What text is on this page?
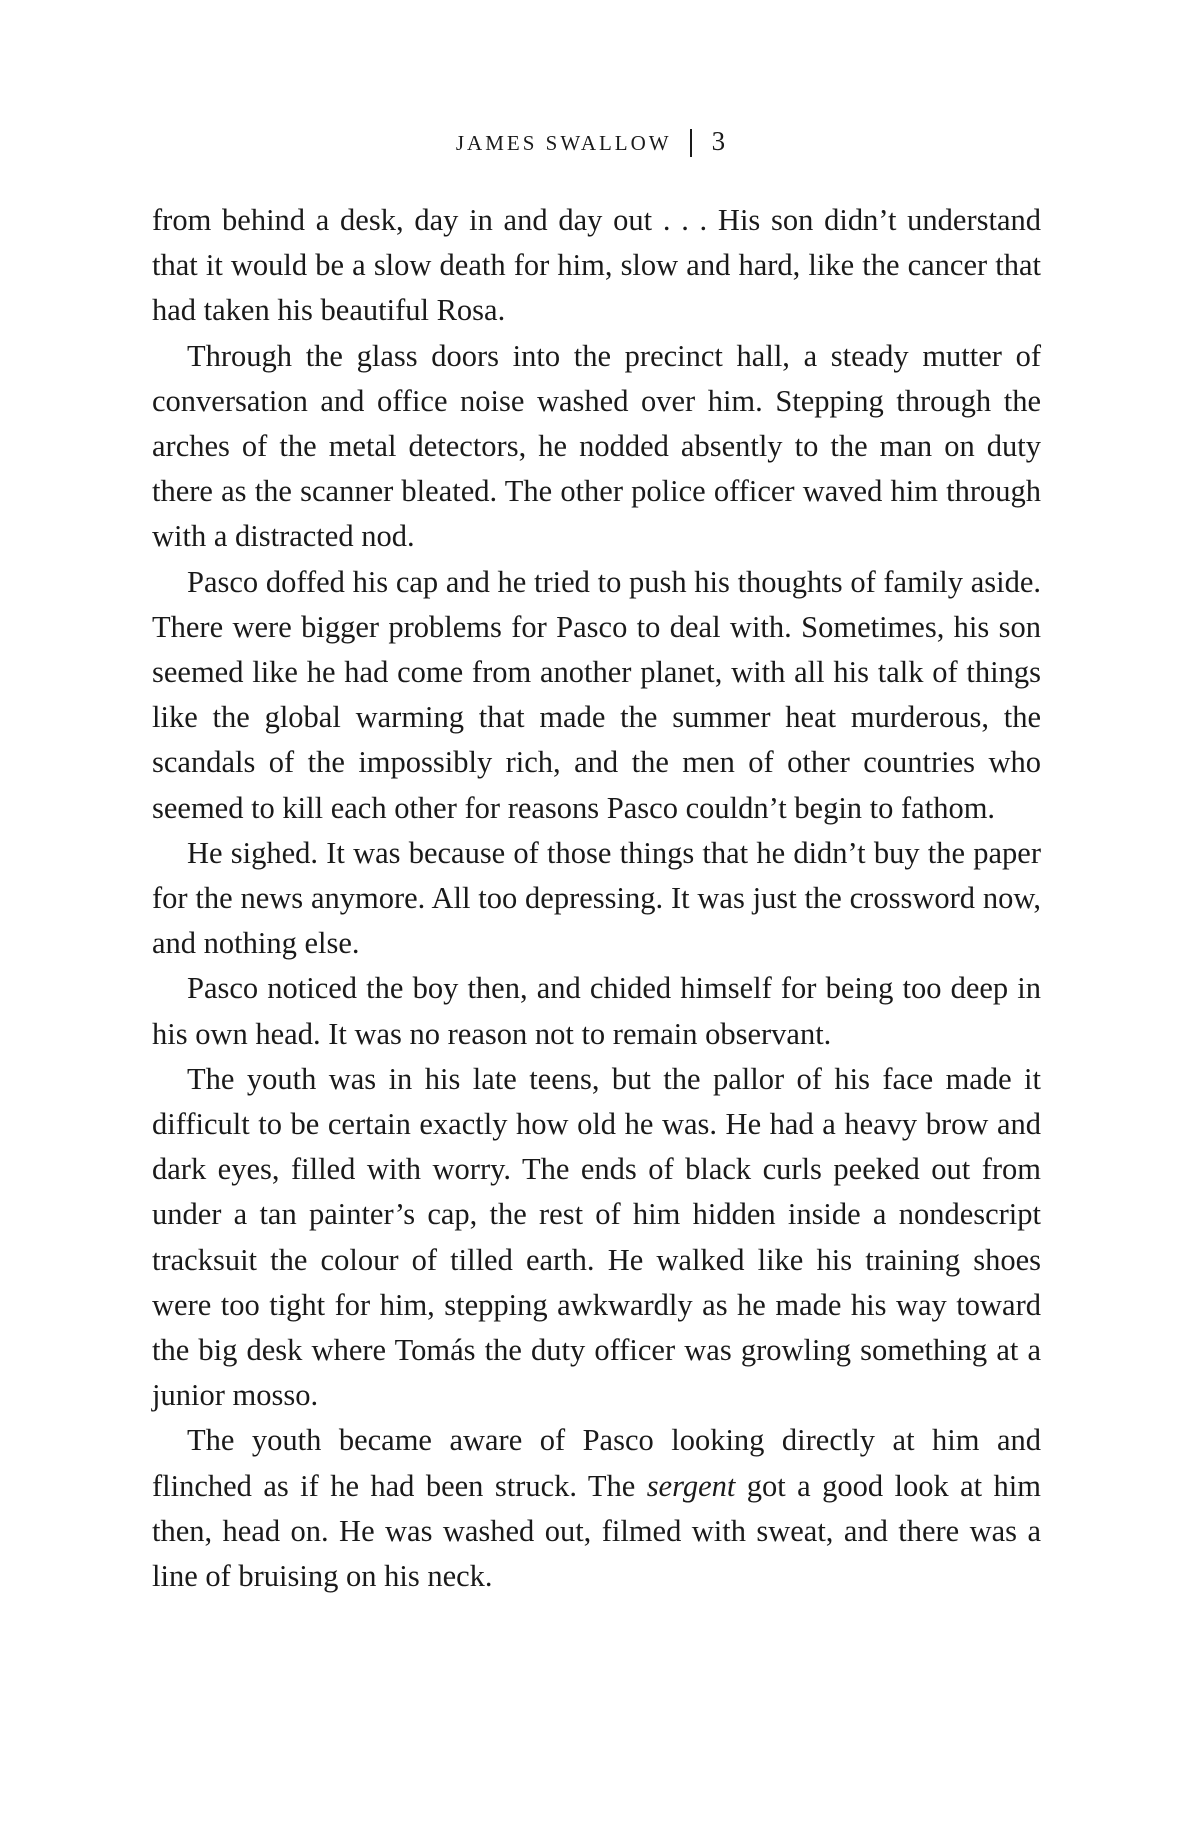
JAMES SWALLOW 3

from behind a desk, day in and day out . . . His son didn’t understand that it would be a slow death for him, slow and hard, like the cancer that had taken his beautiful Rosa.

Through the glass doors into the precinct hall, a steady mutter of conversation and office noise washed over him. Stepping through the arches of the metal detectors, he nodded absently to the man on duty there as the scanner bleated. The other police officer waved him through with a distracted nod.

Pasco doffed his cap and he tried to push his thoughts of family aside. There were bigger problems for Pasco to deal with. Sometimes, his son seemed like he had come from another planet, with all his talk of things like the global warming that made the summer heat murderous, the scandals of the impossibly rich, and the men of other countries who seemed to kill each other for reasons Pasco couldn’t begin to fathom.

He sighed. It was because of those things that he didn’t buy the paper for the news anymore. All too depressing. It was just the crossword now, and nothing else.

Pasco noticed the boy then, and chided himself for being too deep in his own head. It was no reason not to remain observant.

The youth was in his late teens, but the pallor of his face made it difficult to be certain exactly how old he was. He had a heavy brow and dark eyes, filled with worry. The ends of black curls peeked out from under a tan painter’s cap, the rest of him hidden inside a nondescript tracksuit the colour of tilled earth. He walked like his training shoes were too tight for him, stepping awkwardly as he made his way toward the big desk where Tomás the duty officer was growling something at a junior mosso.

The youth became aware of Pasco looking directly at him and flinched as if he had been struck. The sergent got a good look at him then, head on. He was washed out, filmed with sweat, and there was a line of bruising on his neck.
